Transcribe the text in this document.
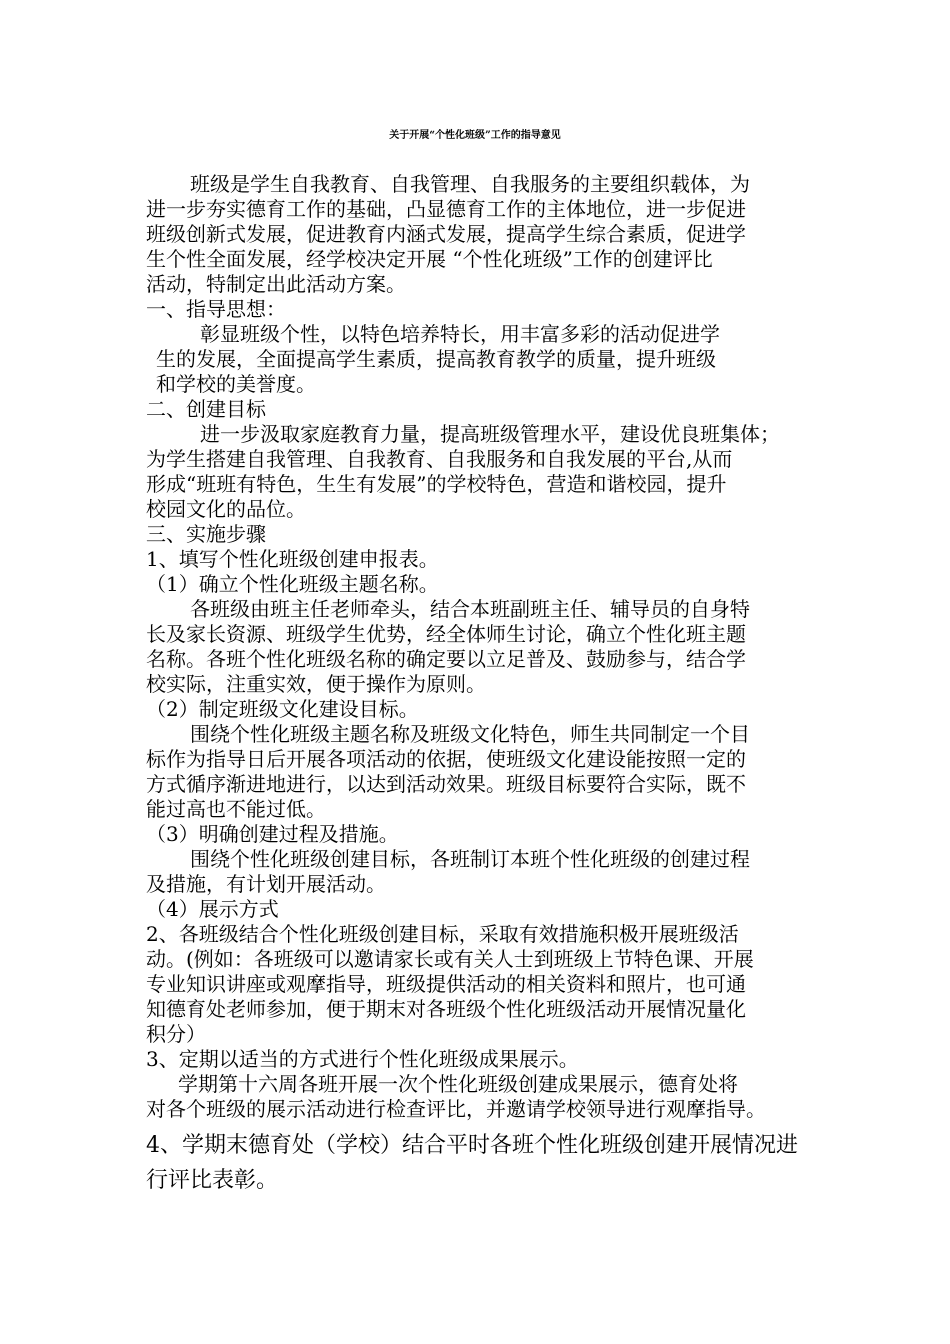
关于开展“个性化班级”工作的指导意见
班级是学生自我教育、自我管理、自我服务的主要组织载体，为
进一步夯实德育工作的基础，凸显德育工作的主体地位，进一步促进
班级创新式发展，促进教育内涵式发展，提高学生综合素质，促进学
生个性全面发展，经学校决定开展 “个性化班级”工作的创建评比
活动，特制定出此活动方案。
一、指导思想：
彰显班级个性，以特色培养特长，用丰富多彩的活动促进学
生的发展，全面提高学生素质，提高教育教学的质量，提升班级
和学校的美誉度。
二、创建目标
进一步汲取家庭教育力量，提高班级管理水平，建设优良班集体；
为学生搭建自我管理、自我教育、自我服务和自我发展的平台,从而
形成“班班有特色，生生有发展”的学校特色，营造和谐校园，提升
校园文化的品位。
三、实施步骤
1、填写个性化班级创建申报表。
（1）确立个性化班级主题名称。
各班级由班主任老师牵头，结合本班副班主任、辅导员的自身特
长及家长资源、班级学生优势，经全体师生讨论，确立个性化班主题
名称。各班个性化班级名称的确定要以立足普及、鼓励参与，结合学
校实际，注重实效，便于操作为原则。
（2）制定班级文化建设目标。
围绕个性化班级主题名称及班级文化特色，师生共同制定一个目
标作为指导日后开展各项活动的依据，使班级文化建设能按照一定的
方式循序渐进地进行，以达到活动效果。班级目标要符合实际，既不
能过高也不能过低。
（3）明确创建过程及措施。
围绕个性化班级创建目标，各班制订本班个性化班级的创建过程
及措施，有计划开展活动。
（4）展示方式
2、各班级结合个性化班级创建目标，采取有效措施积极开展班级活
动。(例如：各班级可以邀请家长或有关人士到班级上节特色课、开展
专业知识讲座或观摩指导，班级提供活动的相关资料和照片，也可通
知德育处老师参加，便于期末对各班级个性化班级活动开展情况量化
积分）
3、定期以适当的方式进行个性化班级成果展示。
学期第十六周各班开展一次个性化班级创建成果展示，德育处将
对各个班级的展示活动进行检查评比，并邀请学校领导进行观摩指导。
4、学期末德育处（学校）结合平时各班个性化班级创建开展情况进
行评比表彰。
